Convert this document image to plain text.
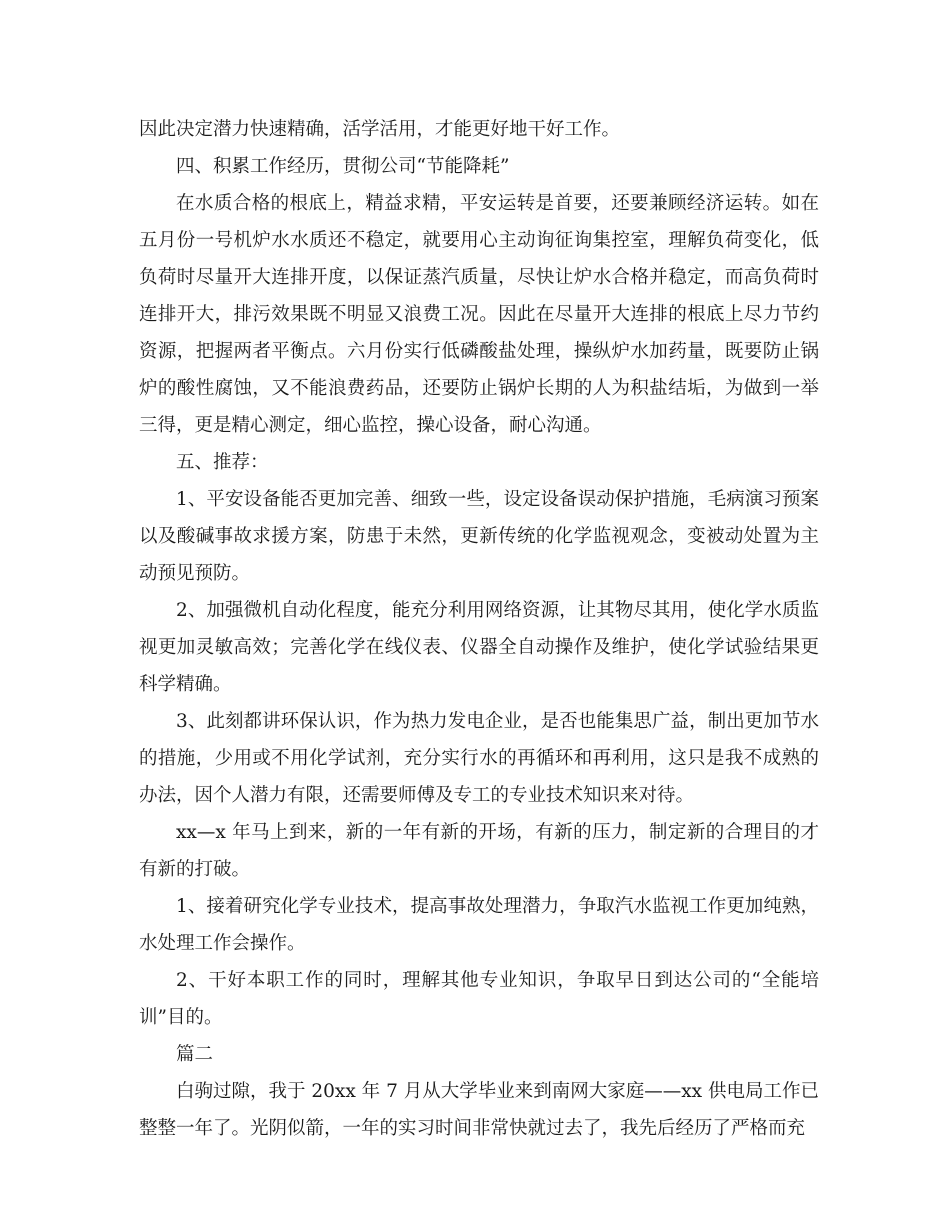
因此决定潜力快速精确，活学活用，才能更好地干好工作。

四、积累工作经历，贯彻公司“节能降耗”

在水质合格的根底上，精益求精，平安运转是首要，还要兼顾经济运转。如在五月份一号机炉水水质还不稳定，就要用心主动询征询集控室，理解负荷变化，低负荷时尽量开大连排开度，以保证蒸汽质量，尽快让炉水合格并稳定，而高负荷时连排开大，排污效果既不明显又浪费工况。因此在尽量开大连排的根底上尽力节约资源，把握两者平衡点。六月份实行低磷酸盐处理，操纵炉水加药量，既要防止锅炉的酸性腐蚀，又不能浪费药品，还要防止锅炉长期的人为积盐结垢，为做到一举三得，更是精心测定，细心监控，操心设备，耐心沟通。

五、推荐：

1、平安设备能否更加完善、细致一些，设定设备误动保护措施，毛病演习预案以及酸碱事故求援方案，防患于未然，更新传统的化学监视观念，变被动处置为主动预见预防。

2、加强微机自动化程度，能充分利用网络资源，让其物尽其用，使化学水质监视更加灵敏高效；完善化学在线仪表、仪器全自动操作及维护，使化学试验结果更科学精确。

3、此刻都讲环保认识，作为热力发电企业，是否也能集思广益，制出更加节水的措施，少用或不用化学试剂，充分实行水的再循环和再利用，这只是我不成熟的办法，因个人潜力有限，还需要师傅及专工的专业技术知识来对待。

xx—x 年马上到来，新的一年有新的开场，有新的压力，制定新的合理目的才有新的打破。

1、接着研究化学专业技术，提高事故处理潜力，争取汽水监视工作更加纯熟，水处理工作会操作。

2、干好本职工作的同时，理解其他专业知识，争取早日到达公司的“全能培训”目的。

篇二

白驹过隙，我于 20xx 年 7 月从大学毕业来到南网大家庭——xx 供电局工作已整整一年了。光阴似箭，一年的实习时间非常快就过去了，我先后经历了严格而充
